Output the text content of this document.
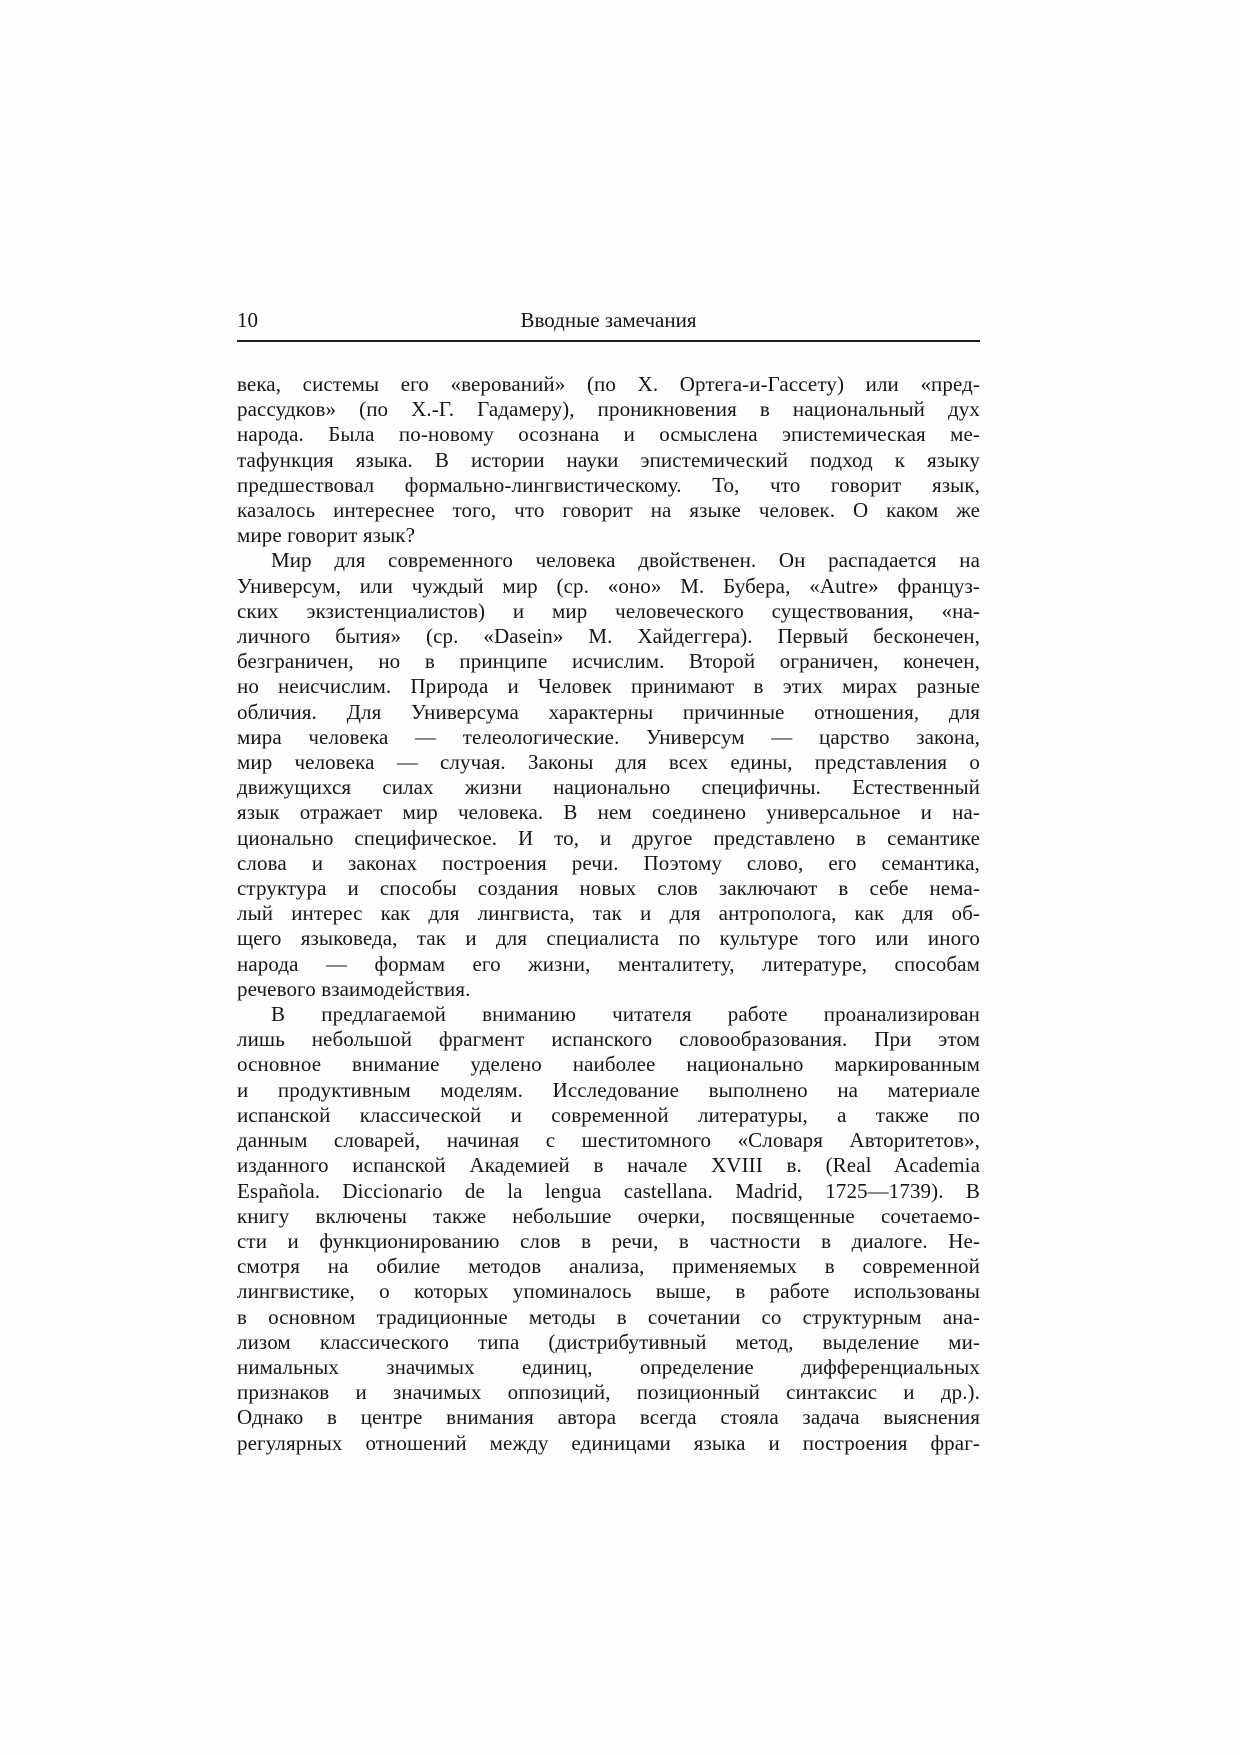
10	Вводные замечания
века, системы его «верований» (по Х. Ортега-и-Гассету) или «пред-
рассудков» (по Х.-Г. Гадамеру), проникновения в национальный дух
народа. Была по-новому осознана и осмыслена эпистемическая ме-
тафункция языка. В истории науки эпистемический подход к языку
предшествовал формально-лингвистическому. То, что говорит язык,
казалось интереснее того, что говорит на языке человек. О каком же
мире говорит язык?
Мир для современного человека двойственен. Он распадается на
Универсум, или чуждый мир (ср. «оно» М. Бубера, «Autre» француз-
ских экзистенциалистов) и мир человеческого существования, «на-
личного бытия» (ср. «Dasein» М. Хайдеггера). Первый бесконечен,
безграничен, но в принципе исчислим. Второй ограничен, конечен,
но неисчислим. Природа и Человек принимают в этих мирах разные
обличия. Для Универсума характерны причинные отношения, для
мира человека — телеологические. Универсум — царство закона,
мир человека — случая. Законы для всех едины, представления о
движущихся силах жизни национально специфичны. Естественный
язык отражает мир человека. В нем соединено универсальное и на-
ционально специфическое. И то, и другое представлено в семантике
слова и законах построения речи. Поэтому слово, его семантика,
структура и способы создания новых слов заключают в себе нема-
лый интерес как для лингвиста, так и для антрополога, как для об-
щего языковеда, так и для специалиста по культуре того или иного
народа — формам его жизни, менталитету, литературе, способам
речевого взаимодействия.
В предлагаемой вниманию читателя работе проанализирован
лишь небольшой фрагмент испанского словообразования. При этом
основное внимание уделено наиболее национально маркированным
и продуктивным моделям. Исследование выполнено на материале
испанской классической и современной литературы, а также по
данным словарей, начиная с шеститомного «Словаря Авторитетов»,
изданного испанской Академией в начале XVIII в. (Real Academia
Española. Diccionario de la lengua castellana. Madrid, 1725—1739). В
книгу включены также небольшие очерки, посвященные сочетаемо-
сти и функционированию слов в речи, в частности в диалоге. Не-
смотря на обилие методов анализа, применяемых в современной
лингвистике, о которых упоминалось выше, в работе использованы
в основном традиционные методы в сочетании со структурным ана-
лизом классического типа (дистрибутивный метод, выделение ми-
нимальных значимых единиц, определение дифференциальных
признаков и значимых оппозиций, позиционный синтаксис и др.).
Однако в центре внимания автора всегда стояла задача выяснения
регулярных отношений между единицами языка и построения фраг-
